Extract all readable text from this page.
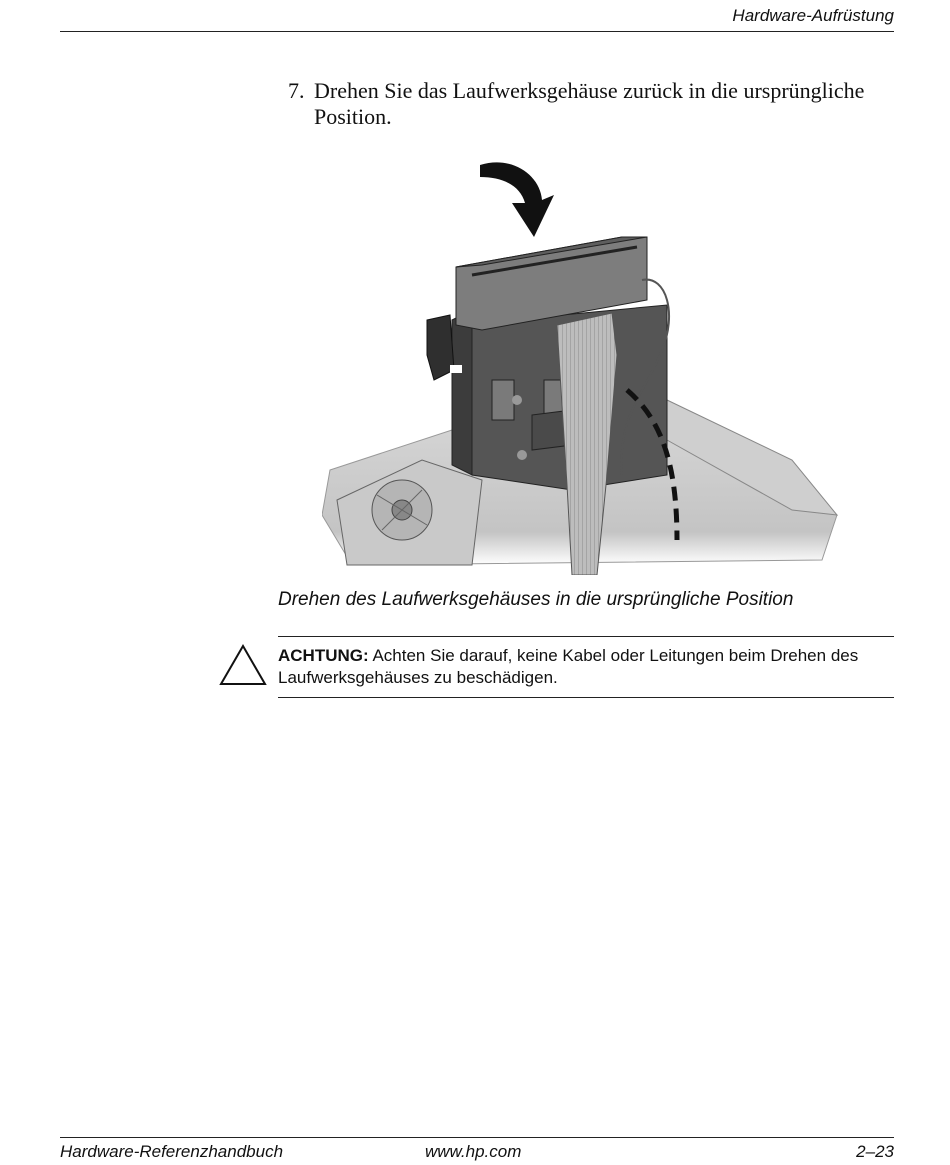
Hardware-Aufrüstung
7. Drehen Sie das Laufwerksgehäuse zurück in die ursprüngliche Position.
Drehen des Laufwerksgehäuses in die ursprüngliche Position
ACHTUNG: Achten Sie darauf, keine Kabel oder Leitungen beim Drehen des Laufwerksgehäuses zu beschädigen.
Hardware-Referenzhandbuch	www.hp.com	2–23
